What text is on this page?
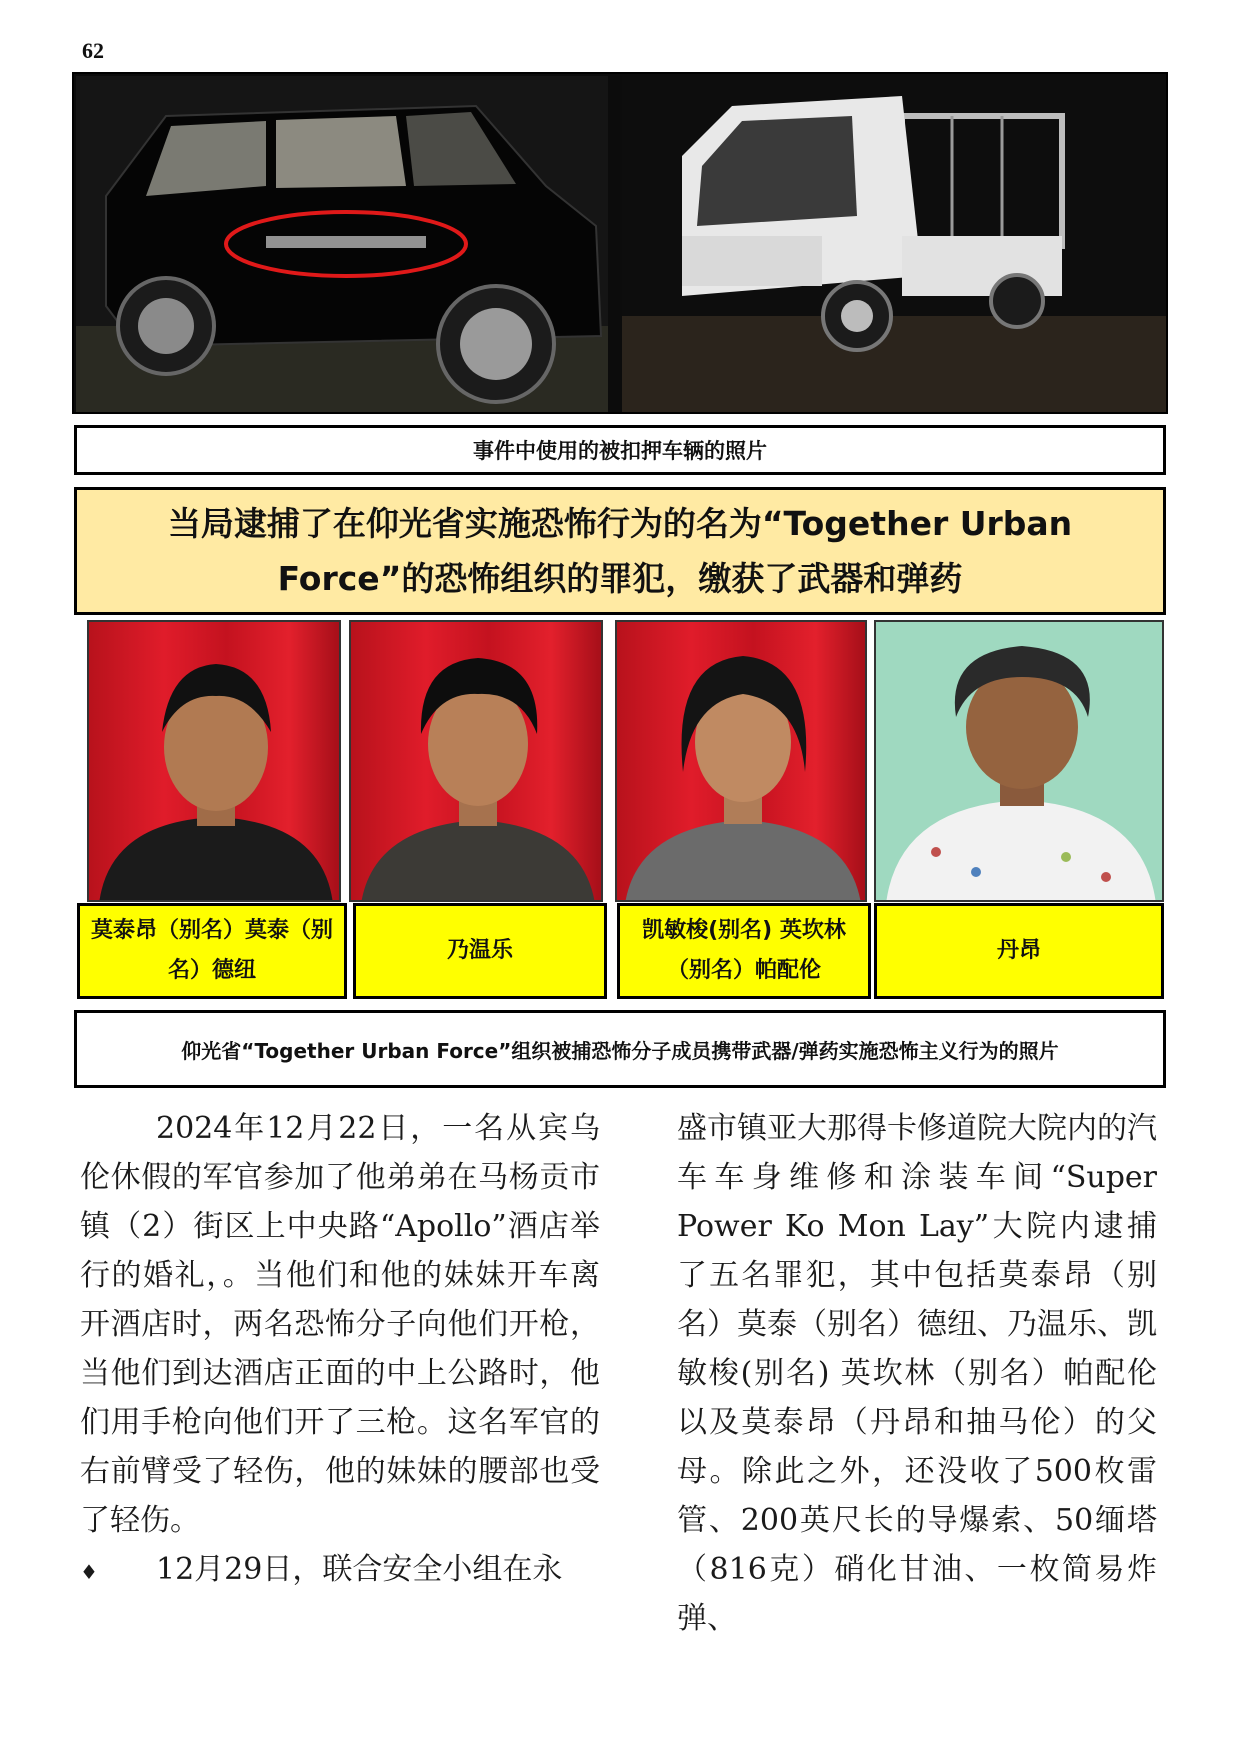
62
事件中使用的被扣押车辆的照片
当局逮捕了在仰光省实施恐怖行为的名为“Together Urban Force”的恐怖组织的罪犯，缴获了武器和弹药
莫泰昂（别名）莫泰（别名）德纽
乃温乐
凯敏梭(别名) 英坎林（别名）帕配伦
丹昂
仰光省“Together Urban Force”组织被捕恐怖分子成员携带武器/弹药实施恐怖主义行为的照片

2024年12月22日，一名从宾乌伦休假的军官参加了他弟弟在马杨贡市镇（2）街区上中央路“Apollo”酒店举行的婚礼，。当他们和他的妹妹开车离开酒店时，两名恐怖分子向他们开枪，当他们到达酒店正面的中上公路时，他们用手枪向他们开了三枪。这名军官的右前臂受了轻伤，他的妹妹的腰部也受了轻伤。

♦	12月29日，联合安全小组在永

盛市镇亚大那得卡修道院大院内的汽车车身维修和涂装车间“Super Power Ko Mon Lay”大院内逮捕了五名罪犯，其中包括莫泰昂（别名）莫泰（别名）德纽、乃温乐、凯敏梭(别名) 英坎林（别名）帕配伦以及莫泰昂（丹昂和抽马伦）的父母。除此之外，还没收了500枚雷管、200英尺长的导爆索、50缅塔（816克）硝化甘油、一枚简易炸弹、
